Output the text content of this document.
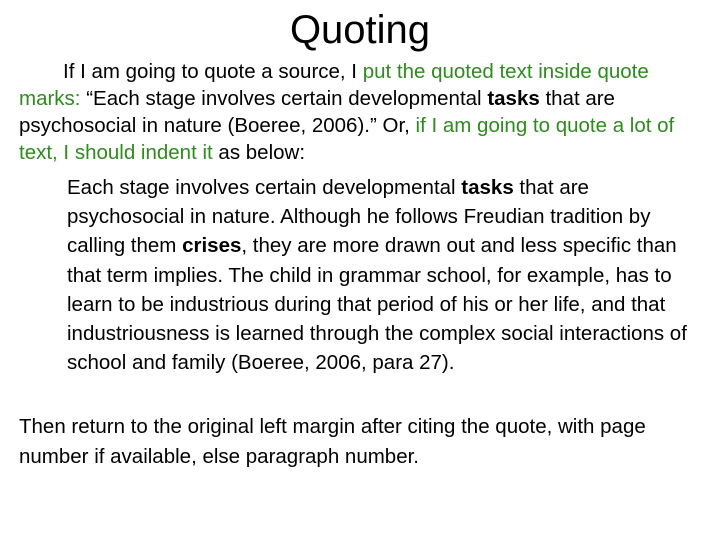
Quoting
If I am going to quote a source, I put the quoted text inside quote marks: “Each stage involves certain developmental tasks that are psychosocial in nature (Boeree, 2006).” Or, if I am going to quote a lot of text, I should indent it as below:
Each stage involves certain developmental tasks that are psychosocial in nature. Although he follows Freudian tradition by calling them crises, they are more drawn out and less specific than that term implies. The child in grammar school, for example, has to learn to be industrious during that period of his or her life, and that industriousness is learned through the complex social interactions of school and family (Boeree, 2006, para 27).
Then return to the original left margin after citing the quote, with page number if available, else paragraph number.
